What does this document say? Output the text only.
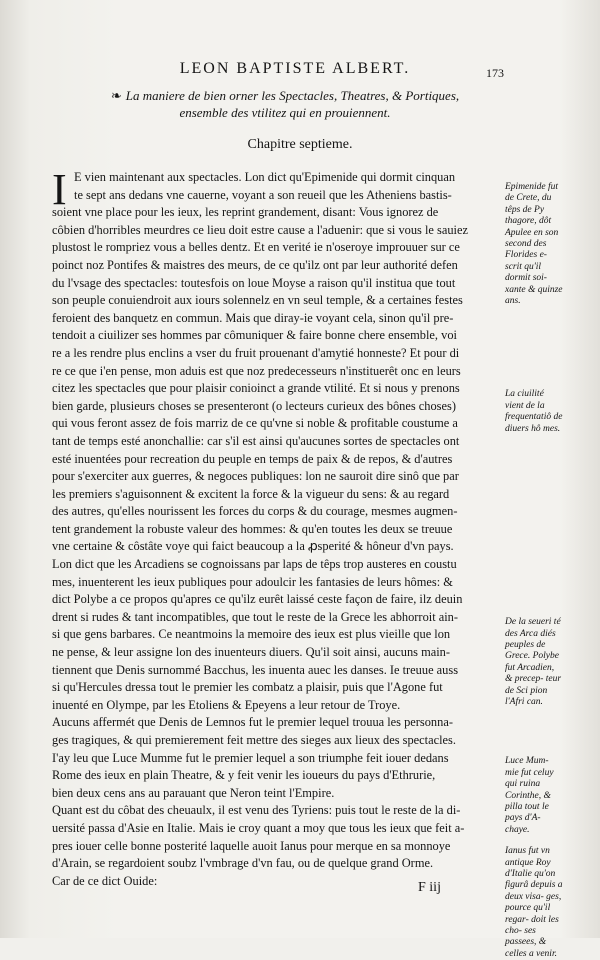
LEON BAPTISTE ALBERT.	173
❧ La maniere de bien orner les Spectacles, Theatres, & Portiques,
ensemble des vtilitez qui en prouiennent.
Chapitre septieme.
I E vien maintenant aux spectacles. Lon dict qu'Epimenide qui dormit cinquan
te sept ans dedans vne cauerne, voyant a son reueil que les Atheniens bastis-
soient vne place pour les ieux, les reprint grandement, disant: Vous ignorez de
côbien d'horribles meurdres ce lieu doit estre cause a l'aduenir: que si vous le sauiez
plustost le rompriez vous a belles dentz. Et en verité ie n'oseroye improuuer sur ce
poinct noz Pontifes & maistres des meurs, de ce qu'ilz ont par leur authorité defen
du l'vsage des spectacles: toutesfois on loue Moyse a raison qu'il institua que tout
son peuple conuiendroit aux iours solennelz en vn seul temple, & a certaines festes
feroient des banquetz en commun. Mais que diray-ie voyant cela, sinon qu'il pre-
tendoit a ciuilizer ses hommes par cômuniquer & faire bonne chere ensemble, voi
re a les rendre plus enclins a vser du fruit prouenant d'amytié honneste? Et pour di
re ce que i'en pense, mon aduis est que noz predecesseurs n'instituerêt onc en leurs
citez les spectacles que pour plaisir conioinct a grande vtilité. Et si nous y prenons
bien garde, plusieurs choses se presenteront (o lecteurs curieux des bônes choses)
qui vous feront assez de fois marriz de ce qu'vne si noble & profitable coustume a
tant de temps esté anonchallie: car s'il est ainsi qu'aucunes sortes de spectacles ont
esté inuentées pour recreation du peuple en temps de paix & de repos, & d'autres
pour s'exerciter aux guerres, & negoces publiques: lon ne sauroit dire sinô que par
les premiers s'aguisonnent & excitent la force & la vigueur du sens: & au regard
des autres, qu'elles nourissent les forces du corps & du courage, mesmes augmen-
tent grandement la robuste valeur des hommes: & qu'en toutes les deux se treuue
vne certaine & côstâte voye qui faict beaucoup a la ꝓsperité & hôneur d'vn pays.
Lon dict que les Arcadiens se cognoissans par laps de têps trop austeres en coustu
mes, inuenterent les ieux publiques pour adoulcir les fantasies de leurs hômes: &
dict Polybe a ce propos qu'apres ce qu'ilz eurêt laissé ceste façon de faire, ilz deuin
drent si rudes & tant incompatibles, que tout le reste de la Grece les abhorroit ain-
si que gens barbares. Ce neantmoins la memoire des ieux est plus vieille que lon
ne pense, & leur assigne lon des inuenteurs diuers. Qu'il soit ainsi, aucuns main-
tiennent que Denis surnommé Bacchus, les inuenta auec les danses. Ie treuue auss
si qu'Hercules dressa tout le premier les combatz a plaisir, puis que l'Agone fut
inuenté en Olympe, par les Etoliens & Epeyens a leur retour de Troye.
Aucuns affermét que Denis de Lemnos fut le premier lequel trouua les personna-
ges tragiques, & qui premierement feit mettre des sieges aux lieux des spectacles.
I'ay leu que Luce Mumme fut le premier lequel a son triumphe feit iouer dedans
Rome des ieux en plain Theatre, & y feit venir les ioueurs du pays d'Ethrurie,
bien deux cens ans au parauant que Neron teint l'Empire.
Quant est du côbat des cheuaulx, il est venu des Tyriens: puis tout le reste de la di-
uersité passa d'Asie en Italie. Mais ie croy quant a moy que tous les ieux que feit a-
pres iouer celle bonne posterité laquelle auoit Ianus pour merque en sa monnoye
d'Arain, se regardoient soubz l'vmbrage d'vn fau, ou de quelque grand Orme.
Car de ce dict Ouide:
Epimenide fut de Crete, du têps de Py thagore, dôt Apulee en son second des Florides e- scrit qu'il dormit soi- xante & quinze ans.
La ciuilité vient de la frequentatiô de diuers hô mes.
De la seueri té des Arca diés peuples de Grece. Polybe fut Arcadien, & precep- teur de Sci pion l'Afri can.
Luce Mum- mie fut celuy qui ruina Corinthe, & pilla tout le pays d'A- chaye.
Ianus fut vn antique Roy d'Italie qu'on figurâ depuis a deux visa- ges, pource qu'il regar- doit les cho- ses passees, & celles a venir.
F iij
